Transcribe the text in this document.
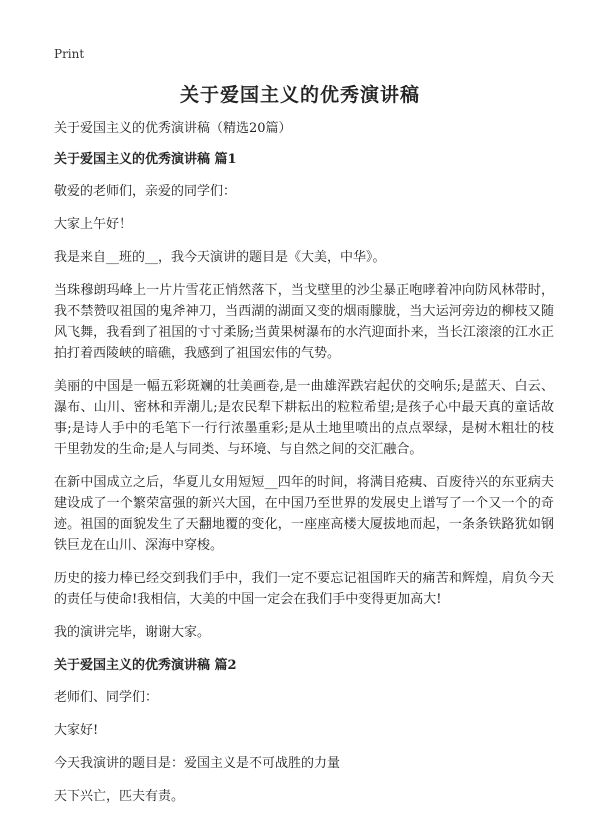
Print
关于爱国主义的优秀演讲稿

关于爱国主义的优秀演讲稿（精选20篇）

关于爱国主义的优秀演讲稿 篇1

敬爱的老师们，亲爱的同学们：

大家上午好！

我是来自__班的__，我今天演讲的题目是《大美，中华》。

当珠穆朗玛峰上一片片雪花正悄然落下，当戈壁里的沙尘暴正咆哮着冲向防风林带时，我不禁赞叹祖国的鬼斧神刀，当西湖的湖面又变的烟雨朦胧，当大运河旁边的柳枝又随风飞舞，我看到了祖国的寸寸柔肠;当黄果树瀑布的水汽迎面扑来，当长江滚滚的江水正拍打着西陵峡的暗礁，我感到了祖国宏伟的气势。

美丽的中国是一幅五彩斑斓的壮美画卷,是一曲雄浑跌宕起伏的交响乐;是蓝天、白云、瀑布、山川、密林和弄潮儿;是农民犁下耕耘出的粒粒希望;是孩子心中最天真的童话故事;是诗人手中的毛笔下一行行浓墨重彩;是从土地里喷出的点点翠绿，是树木粗壮的枝干里勃发的生命;是人与同类、与环境、与自然之间的交汇融合。

在新中国成立之后，华夏儿女用短短__四年的时间，将满目疮痍、百废待兴的东亚病夫建设成了一个繁荣富强的新兴大国，在中国乃至世界的发展史上谱写了一个又一个的奇迹。祖国的面貌发生了天翻地覆的变化，一座座高楼大厦拔地而起，一条条铁路犹如钢铁巨龙在山川、深海中穿梭。

历史的接力棒已经交到我们手中，我们一定不要忘记祖国昨天的痛苦和辉煌，肩负今天的责任与使命!我相信，大美的中国一定会在我们手中变得更加高大!

我的演讲完毕，谢谢大家。

关于爱国主义的优秀演讲稿 篇2

老师们、同学们：

大家好!

今天我演讲的题目是：爱国主义是不可战胜的力量

天下兴亡，匹夫有责。
